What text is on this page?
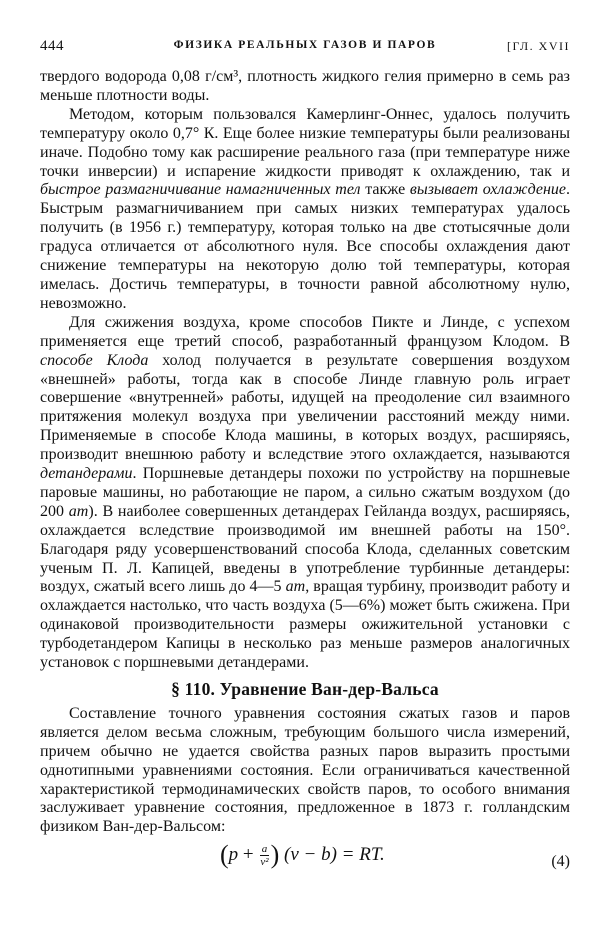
444	ФИЗИКА РЕАЛЬНЫХ ГАЗОВ И ПАРОВ	[ГЛ. XVII

твердого водорода 0,08 г/см³, плотность жидкого гелия примерно в семь раз меньше плотности воды.

Методом, которым пользовался Камерлинг-Оннес, удалось получить температуру около 0,7° К. Еще более низкие температуры были реализованы иначе. Подобно тому как расширение реального газа (при температуре ниже точки инверсии) и испарение жидкости приводят к охлаждению, так и быстрое размагничивание намагниченных тел также вызывает охлаждение. Быстрым размагничиванием при самых низких температурах удалось получить (в 1956 г.) температуру, которая только на две стотысячные доли градуса отличается от абсолютного нуля. Все способы охлаждения дают снижение температуры на некоторую долю той температуры, которая имелась. Достичь температуры, в точности равной абсолютному нулю, невозможно.

Для сжижения воздуха, кроме способов Пикте и Линде, с успехом применяется еще третий способ, разработанный французом Клодом. В способе Клода холод получается в результате совершения воздухом «внешней» работы, тогда как в способе Линде главную роль играет совершение «внутренней» работы, идущей на преодоление сил взаимного притяжения молекул воздуха при увеличении расстояний между ними. Применяемые в способе Клода машины, в которых воздух, расширяясь, производит внешнюю работу и вследствие этого охлаждается, называются детандерами. Поршневые детандеры похожи по устройству на поршневые паровые машины, но работающие не паром, а сильно сжатым воздухом (до 200 ат). В наиболее совершенных детандерах Гейланда воздух, расширяясь, охлаждается вследствие производимой им внешней работы на 150°. Благодаря ряду усовершенствований способа Клода, сделанных советским ученым П. Л. Капицей, введены в употребление турбинные детандеры: воздух, сжатый всего лишь до 4—5 ат, вращая турбину, производит работу и охлаждается настолько, что часть воздуха (5—6%) может быть сжижена. При одинаковой производительности размеры ожижительной установки с турбодетандером Капицы в несколько раз меньше размеров аналогичных установок с поршневыми детандерами.

§ 110. Уравнение Ван-дер-Вальса

Составление точного уравнения состояния сжатых газов и паров является делом весьма сложным, требующим большого числа измерений, причем обычно не удается свойства разных паров выразить простыми однотипными уравнениями состояния. Если ограничиваться качественной характеристикой термодинамических свойств паров, то особого внимания заслуживает уравнение состояния, предложенное в 1873 г. голландским физиком Ван-дер-Вальсом:

($p + \frac{a}{\text{v²}}$ ) (v − b) = RT.	(4)
